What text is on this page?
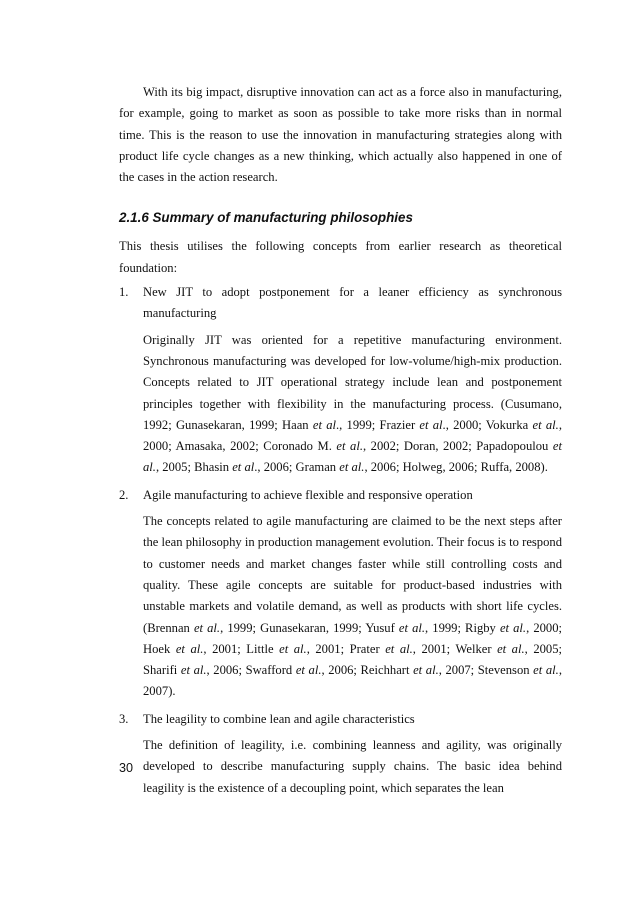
With its big impact, disruptive innovation can act as a force also in manufacturing, for example, going to market as soon as possible to take more risks than in normal time. This is the reason to use the innovation in manufacturing strategies along with product life cycle changes as a new thinking, which actually also happened in one of the cases in the action research.

2.1.6 Summary of manufacturing philosophies

This thesis utilises the following concepts from earlier research as theoretical foundation:

1.	New JIT to adopt postponement for a leaner efficiency as synchronous manufacturing

Originally JIT was oriented for a repetitive manufacturing environment. Synchronous manufacturing was developed for low-volume/high-mix production. Concepts related to JIT operational strategy include lean and postponement principles together with flexibility in the manufacturing process. (Cusumano, 1992; Gunasekaran, 1999; Haan et al., 1999; Frazier et al., 2000; Vokurka et al., 2000; Amasaka, 2002; Coronado M. et al., 2002; Doran, 2002; Papadopoulou et al., 2005; Bhasin et al., 2006; Graman et al., 2006; Holweg, 2006; Ruffa, 2008).

2.	Agile manufacturing to achieve flexible and responsive operation

The concepts related to agile manufacturing are claimed to be the next steps after the lean philosophy in production management evolution. Their focus is to respond to customer needs and market changes faster while still controlling costs and quality. These agile concepts are suitable for product-based industries with unstable markets and volatile demand, as well as products with short life cycles. (Brennan et al., 1999; Gunasekaran, 1999; Yusuf et al., 1999; Rigby et al., 2000; Hoek et al., 2001; Little et al., 2001; Prater et al., 2001; Welker et al., 2005; Sharifi et al., 2006; Swafford et al., 2006; Reichhart et al., 2007; Stevenson et al., 2007).

3.	The leagility to combine lean and agile characteristics

The definition of leagility, i.e. combining leanness and agility, was originally developed to describe manufacturing supply chains. The basic idea behind leagility is the existence of a decoupling point, which separates the lean

30
